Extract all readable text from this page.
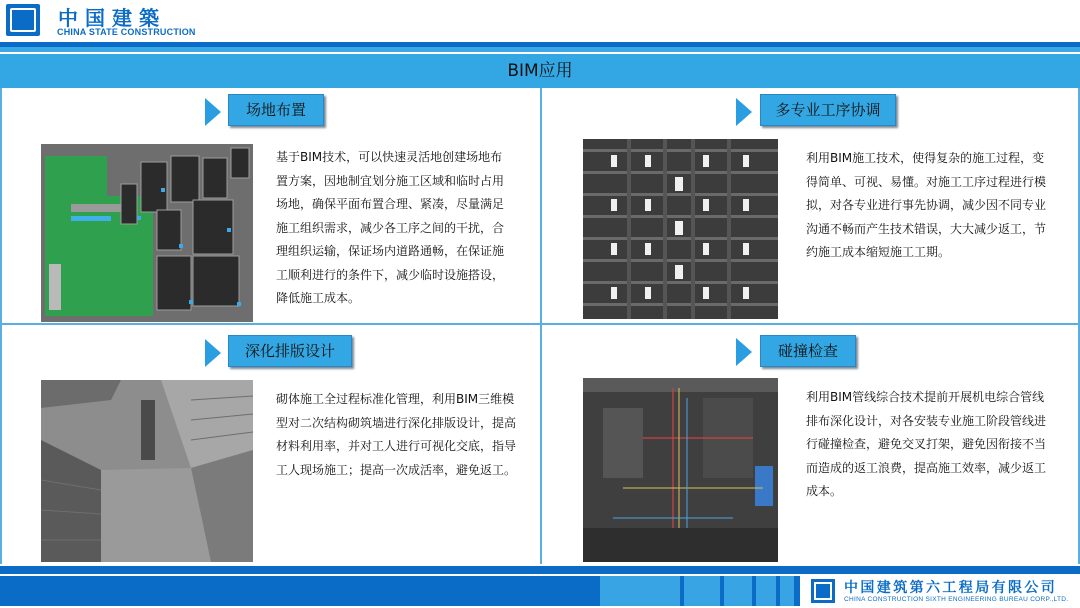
中国建築
CHINA STATE CONSTRUCTION
BIM应用
场地布置
基于BIM技术，可以快速灵活地创建场地布置方案，因地制宜划分施工区域和临时占用场地，确保平面布置合理、紧凑，尽量满足施工组织需求，减少各工序之间的干扰，合理组织运输，保证场内道路通畅，在保证施工顺利进行的条件下，减少临时设施搭设，降低施工成本。
多专业工序协调
利用BIM施工技术，使得复杂的施工过程，变得简单、可视、易懂。对施工工序过程进行模拟，对各专业进行事先协调，减少因不同专业沟通不畅而产生技术错误，大大减少返工，节约施工成本缩短施工工期。
深化排版设计
砌体施工全过程标准化管理，利用BIM三维模型对二次结构砌筑墙进行深化排版设计，提高材料利用率，并对工人进行可视化交底，指导工人现场施工；提高一次成活率，避免返工。
碰撞检查
利用BIM管线综合技术提前开展机电综合管线排布深化设计，对各安装专业施工阶段管线进行碰撞检查，避免交叉打架，避免因衔接不当而造成的返工浪费，提高施工效率，减少返工成本。
中国建筑第六工程局有限公司
CHINA CONSTRUCTION SIXTH ENGINEERING BUREAU CORP.,LTD.
